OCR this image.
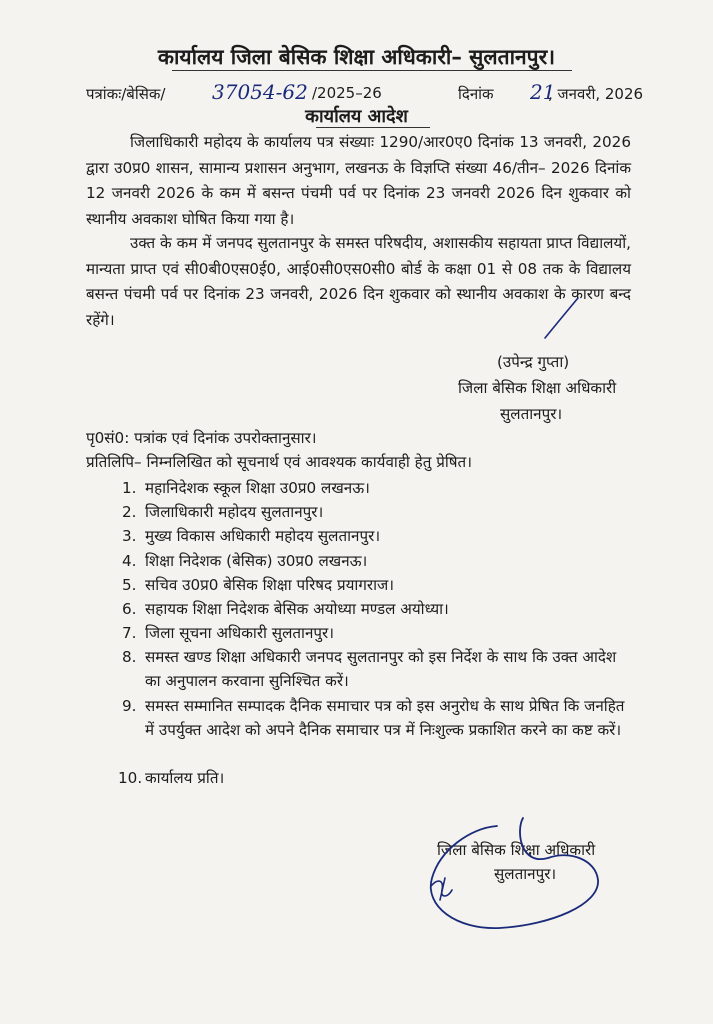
कार्यालय जिला बेसिक शिक्षा अधिकारी– सुलतानपुर।
पत्रांकः/बेसिक/ 37054-62 /2025–26	दिनांक 21
, जनवरी, 2026
कार्यालय आदेश
जिलाधिकारी महोदय के कार्यालय पत्र संख्याः 1290/आर0ए0 दिनांक 13 जनवरी, 2026 द्वारा उ0प्र0 शासन, सामान्य प्रशासन अनुभाग, लखनऊ के विज्ञप्ति संख्या 46/तीन– 2026 दिनांक 12 जनवरी 2026 के कम में बसन्त पंचमी पर्व पर दिनांक 23 जनवरी 2026 दिन शुकवार को स्थानीय अवकाश घोषित किया गया है।
उक्त के कम में जनपद सुलतानपुर के समस्त परिषदीय, अशासकीय सहायता प्राप्त विद्यालयों, मान्यता प्राप्त एवं सी0बी0एस0ई0, आई0सी0एस0सी0 बोर्ड के कक्षा 01 से 08 तक के विद्यालय बसन्त पंचमी पर्व पर दिनांक 23 जनवरी, 2026 दिन शुकवार को स्थानीय अवकाश के कारण बन्द रहेंगे।
(उपेन्द्र गुप्ता)
जिला बेसिक शिक्षा अधिकारी
सुलतानपुर।
पृ0सं0: पत्रांक एवं दिनांक उपरोक्तानुसार।
प्रतिलिपि– निम्नलिखित को सूचनार्थ एवं आवश्यक कार्यवाही हेतु प्रेषित।
1. महानिदेशक स्कूल शिक्षा उ0प्र0 लखनऊ।
2. जिलाधिकारी महोदय सुलतानपुर।
3. मुख्य विकास अधिकारी महोदय सुलतानपुर।
4. शिक्षा निदेशक (बेसिक) उ0प्र0 लखनऊ।
5. सचिव उ0प्र0 बेसिक शिक्षा परिषद प्रयागराज।
6. सहायक शिक्षा निदेशक बेसिक अयोध्या मण्डल अयोध्या।
7. जिला सूचना अधिकारी सुलतानपुर।
8. समस्त खण्ड शिक्षा अधिकारी जनपद सुलतानपुर को इस निर्देश के साथ कि उक्त आदेश का अनुपालन करवाना सुनिश्चित करें।
9. समस्त सम्मानित सम्पादक दैनिक समाचार पत्र को इस अनुरोध के साथ प्रेषित कि जनहित में उपर्युक्त आदेश को अपने दैनिक समाचार पत्र में निःशुल्क प्रकाशित करने का कष्ट करें।
10. कार्यालय प्रति।
जिला बेसिक शिक्षा अधिकारी
सुलतानपुर।
